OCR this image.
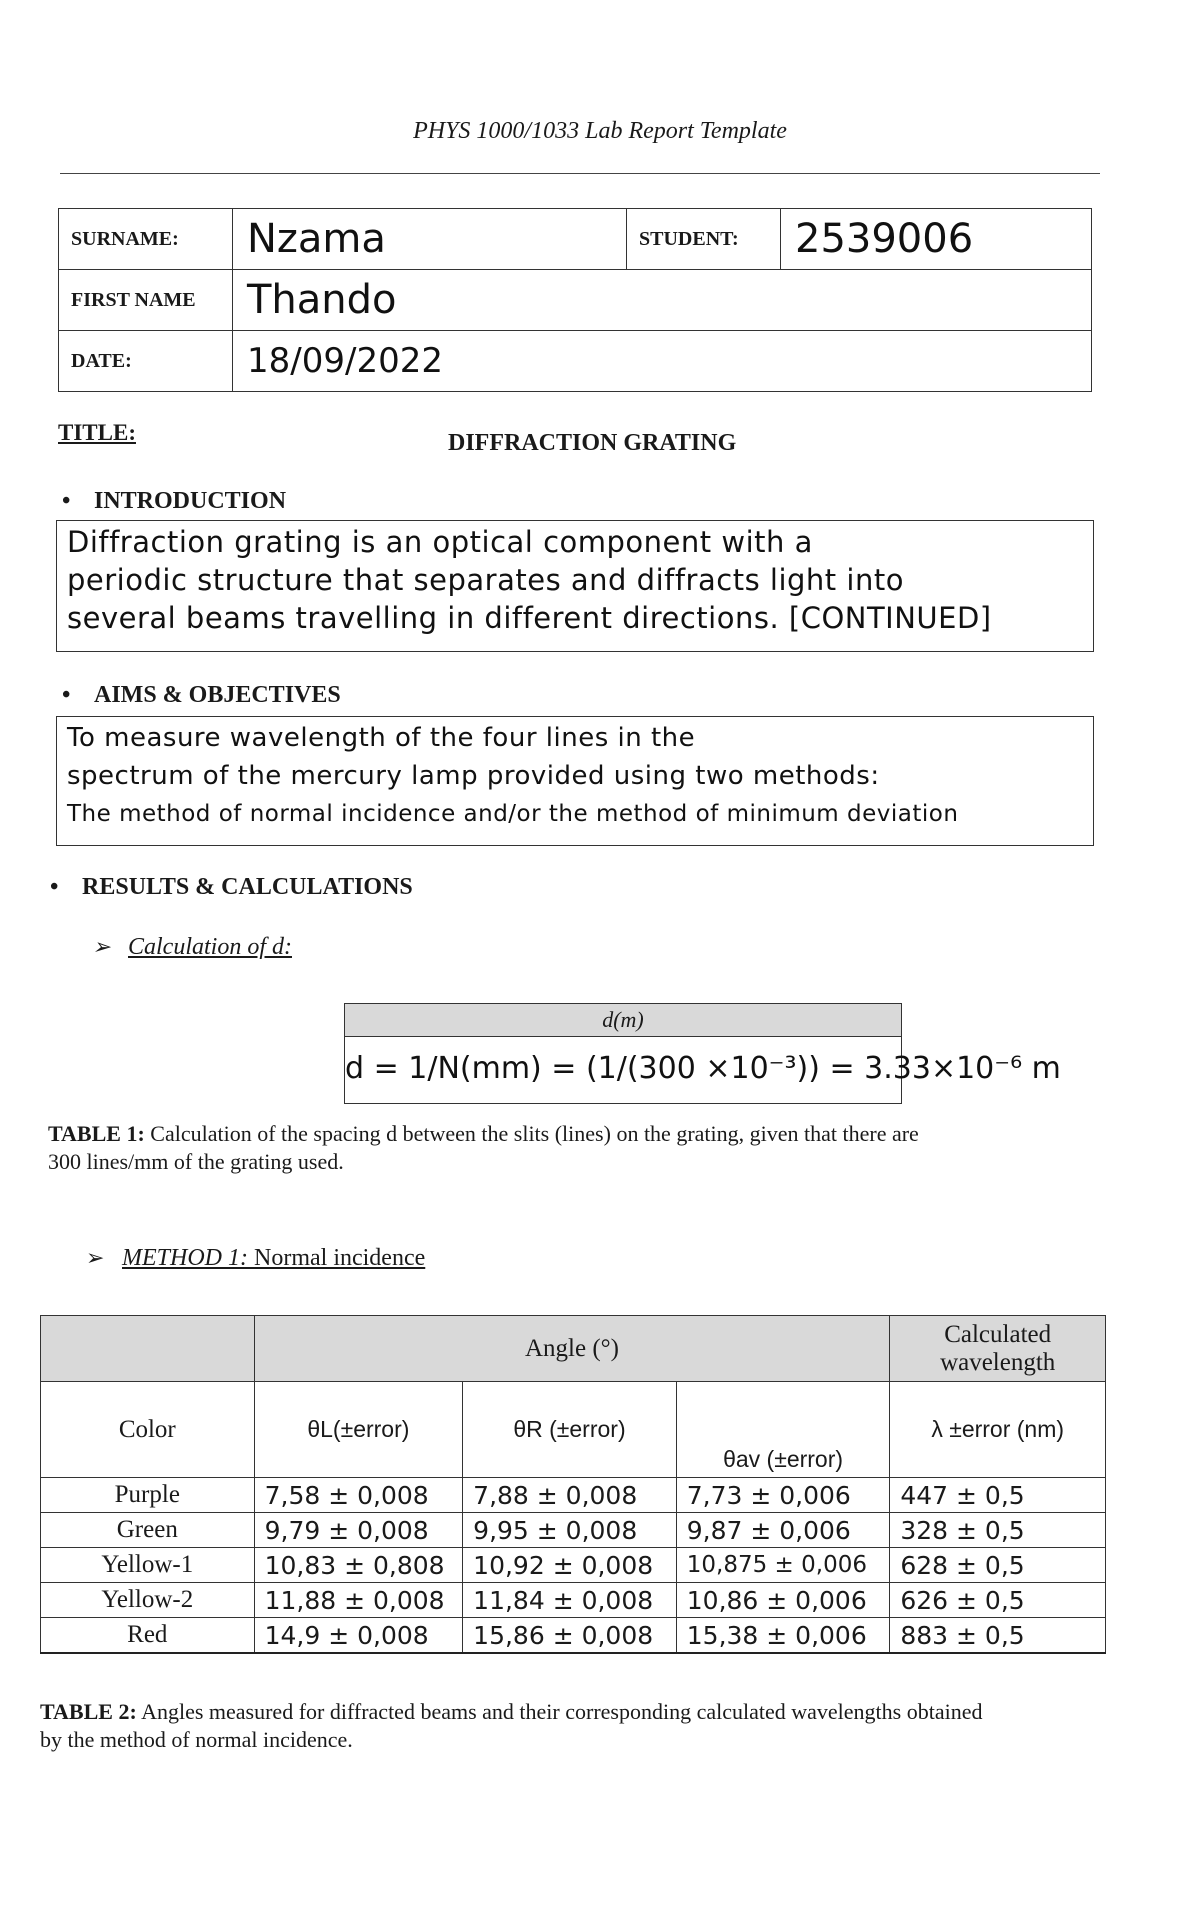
PHYS 1000/1033 Lab Report Template
SURNAME:	Nzama	STUDENT:	2539006
FIRST NAME	Thando		
DATE:	18/09/2022		
TITLE:	DIFFRACTION GRATING
• INTRODUCTION
Diffraction grating is an optical component with a
periodic structure that separates and diffracts light into
several beams travelling in different directions. [CONTINUED]
• AIMS & OBJECTIVES
To measure wavelength of the four lines in the
spectrum of the mercury lamp provided using two methods:
The method of normal incidence and/or the method of minimum deviation
• RESULTS & CALCULATIONS
➢ Calculation of d:
d(m)
d = 1/N(mm) = (1/(300 ×10⁻³)) = 3.33×10⁻⁶ m
TABLE 1: Calculation of the spacing d between the slits (lines) on the grating, given that there are
300 lines/mm of the grating used.
➢ METHOD 1: Normal incidence
	Angle (°)			Calculated wavelength
Color	θL(±error)	θR (±error)	θav (±error)	λ ±error (nm)
Purple	7,58 ± 0,008	7,88 ± 0,008	7,73 ± 0,006	447 ± 0,5
Green	9,79 ± 0,008	9,95 ± 0,008	9,87 ± 0,006	328 ± 0,5
Yellow-1	10,83 ± 0,808	10,92 ± 0,008	10,875 ± 0,006	628 ± 0,5
Yellow-2	11,88 ± 0,008	11,84 ± 0,008	10,86 ± 0,006	626 ± 0,5
Red	14,9 ± 0,008	15,86 ± 0,008	15,38 ± 0,006	883 ± 0,5
TABLE 2: Angles measured for diffracted beams and their corresponding calculated wavelengths obtained
by the method of normal incidence.
